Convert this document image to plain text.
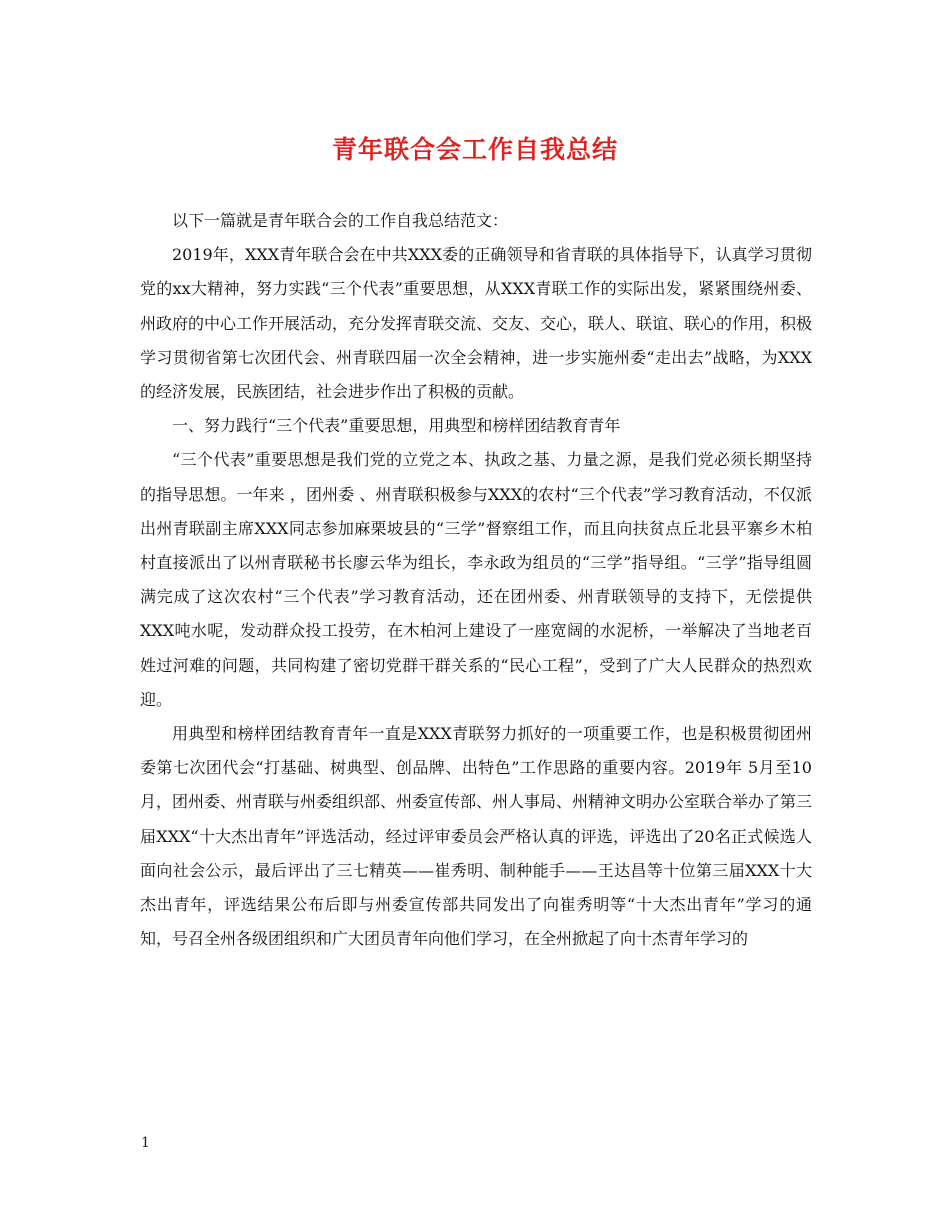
青年联合会工作自我总结

以下一篇就是青年联合会的工作自我总结范文：

2019年，XXX青年联合会在中共XXX委的正确领导和省青联的具体指导下，认真学习贯彻党的xx大精神，努力实践“三个代表”重要思想，从XXX青联工作的实际出发，紧紧围绕州委、州政府的中心工作开展活动，充分发挥青联交流、交友、交心，联人、联谊、联心的作用，积极学习贯彻省第七次团代会、州青联四届一次全会精神，进一步实施州委“走出去”战略，为XXX的经济发展，民族团结，社会进步作出了积极的贡献。

一、努力践行“三个代表”重要思想，用典型和榜样团结教育青年

“三个代表”重要思想是我们党的立党之本、执政之基、力量之源，是我们党必须长期坚持的指导思想。一年来 ，团州委 、州青联积极参与XXX的农村“三个代表”学习教育活动，不仅派出州青联副主席XXX同志参加麻栗坡县的“三学”督察组工作，而且向扶贫点丘北县平寨乡木柏村直接派出了以州青联秘书长廖云华为组长，李永政为组员的“三学”指导组。“三学”指导组圆满完成了这次农村“三个代表”学习教育活动，还在团州委、州青联领导的支持下，无偿提供 XXX吨水呢，发动群众投工投劳，在木柏河上建设了一座宽阔的水泥桥，一举解决了当地老百姓过河难的问题，共同构建了密切党群干群关系的“民心工程”，受到了广大人民群众的热烈欢迎。

用典型和榜样团结教育青年一直是XXX青联努力抓好的一项重要工作，也是积极贯彻团州委第七次团代会“打基础、树典型、创品牌、出特色”工作思路的重要内容。2019年 5月至10月，团州委、州青联与州委组织部、州委宣传部、州人事局、州精神文明办公室联合举办了第三届XXX“十大杰出青年”评选活动，经过评审委员会严格认真的评选，评选出了20名正式候选人面向社会公示，最后评出了三七精英——崔秀明、制种能手——王达昌等十位第三届XXX十大杰出青年，评选结果公布后即与州委宣传部共同发出了向崔秀明等“十大杰出青年”学习的通知，号召全州各级团组织和广大团员青年向他们学习，在全州掀起了向十杰青年学习的

1
